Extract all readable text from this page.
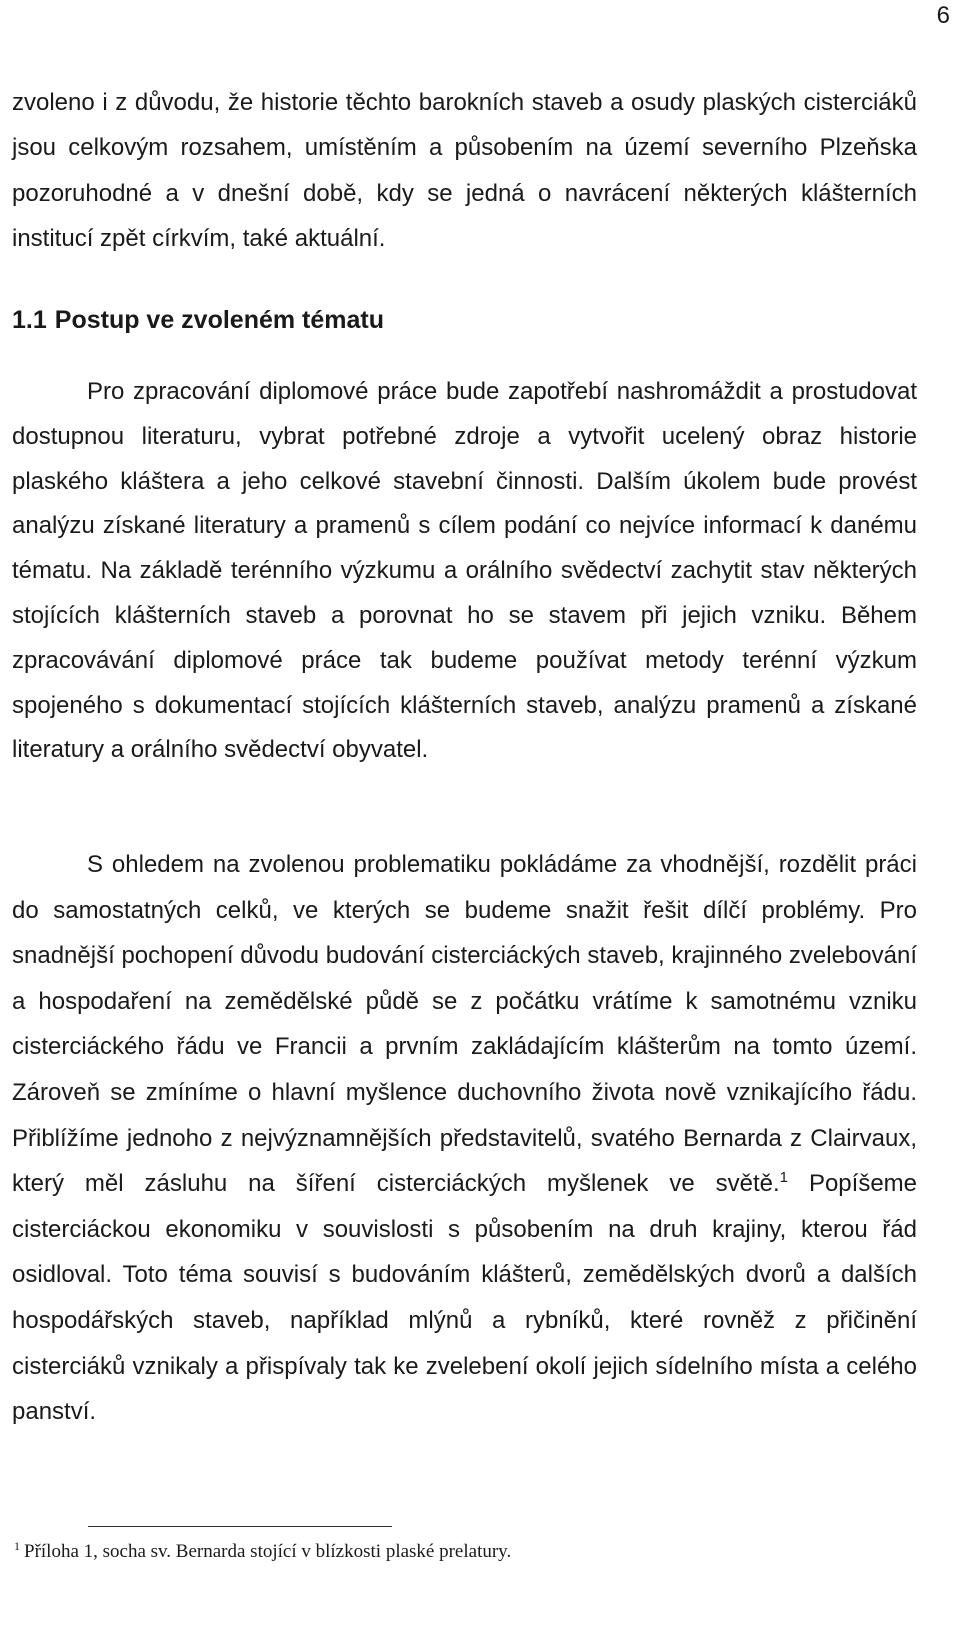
6
zvoleno i z důvodu, že historie těchto barokních staveb a osudy plaských cisterciáků jsou celkovým rozsahem, umístěním a působením na území severního Plzeňska pozoruhodné a v dnešní době, kdy se jedná o navrácení některých klášterních institucí zpět církvím, také aktuální.
1.1 Postup ve zvoleném tématu
Pro zpracování diplomové práce bude zapotřebí nashromáždit a prostudovat dostupnou literaturu, vybrat potřebné zdroje a vytvořit ucelený obraz historie plaského kláštera a jeho celkové stavební činnosti. Dalším úkolem bude provést analýzu získané literatury a pramenů s cílem podání co nejvíce informací k danému tématu. Na základě terénního výzkumu a orálního svědectví zachytit stav některých stojících klášterních staveb a porovnat ho se stavem při jejich vzniku. Během zpracovávání diplomové práce tak budeme používat metody terénní výzkum spojeného s dokumentací stojících klášterních staveb, analýzu pramenů a získané literatury a orálního svědectví obyvatel.
S ohledem na zvolenou problematiku pokládáme za vhodnější, rozdělit práci do samostatných celků, ve kterých se budeme snažit řešit dílčí problémy. Pro snadnější pochopení důvodu budování cisterciáckých staveb, krajinného zvelebování a hospodaření na zemědělské půdě se z počátku vrátíme k samotnému vzniku cisterciáckého řádu ve Francii a prvním zakládajícím klášterům na tomto území. Zároveň se zmíníme o hlavní myšlence duchovního života nově vznikajícího řádu. Přiblížíme jednoho z nejvýznamnějších představitelů, svatého Bernarda z Clairvaux, který měl zásluhu na šíření cisterciáckých myšlenek ve světě.$^1$ Popíšeme cisterciáckou ekonomiku v souvislosti s působením na druh krajiny, kterou řád osidloval. Toto téma souvisí s budováním klášterů, zemědělských dvorů a dalších hospodářských staveb, například mlýnů a rybníků, které rovněž z přičinění cisterciáků vznikaly a přispívaly tak ke zvelebení okolí jejich sídelního místa a celého panství.
$^1$ Příloha 1, socha sv. Bernarda stojící v blízkosti plaské prelatury.
